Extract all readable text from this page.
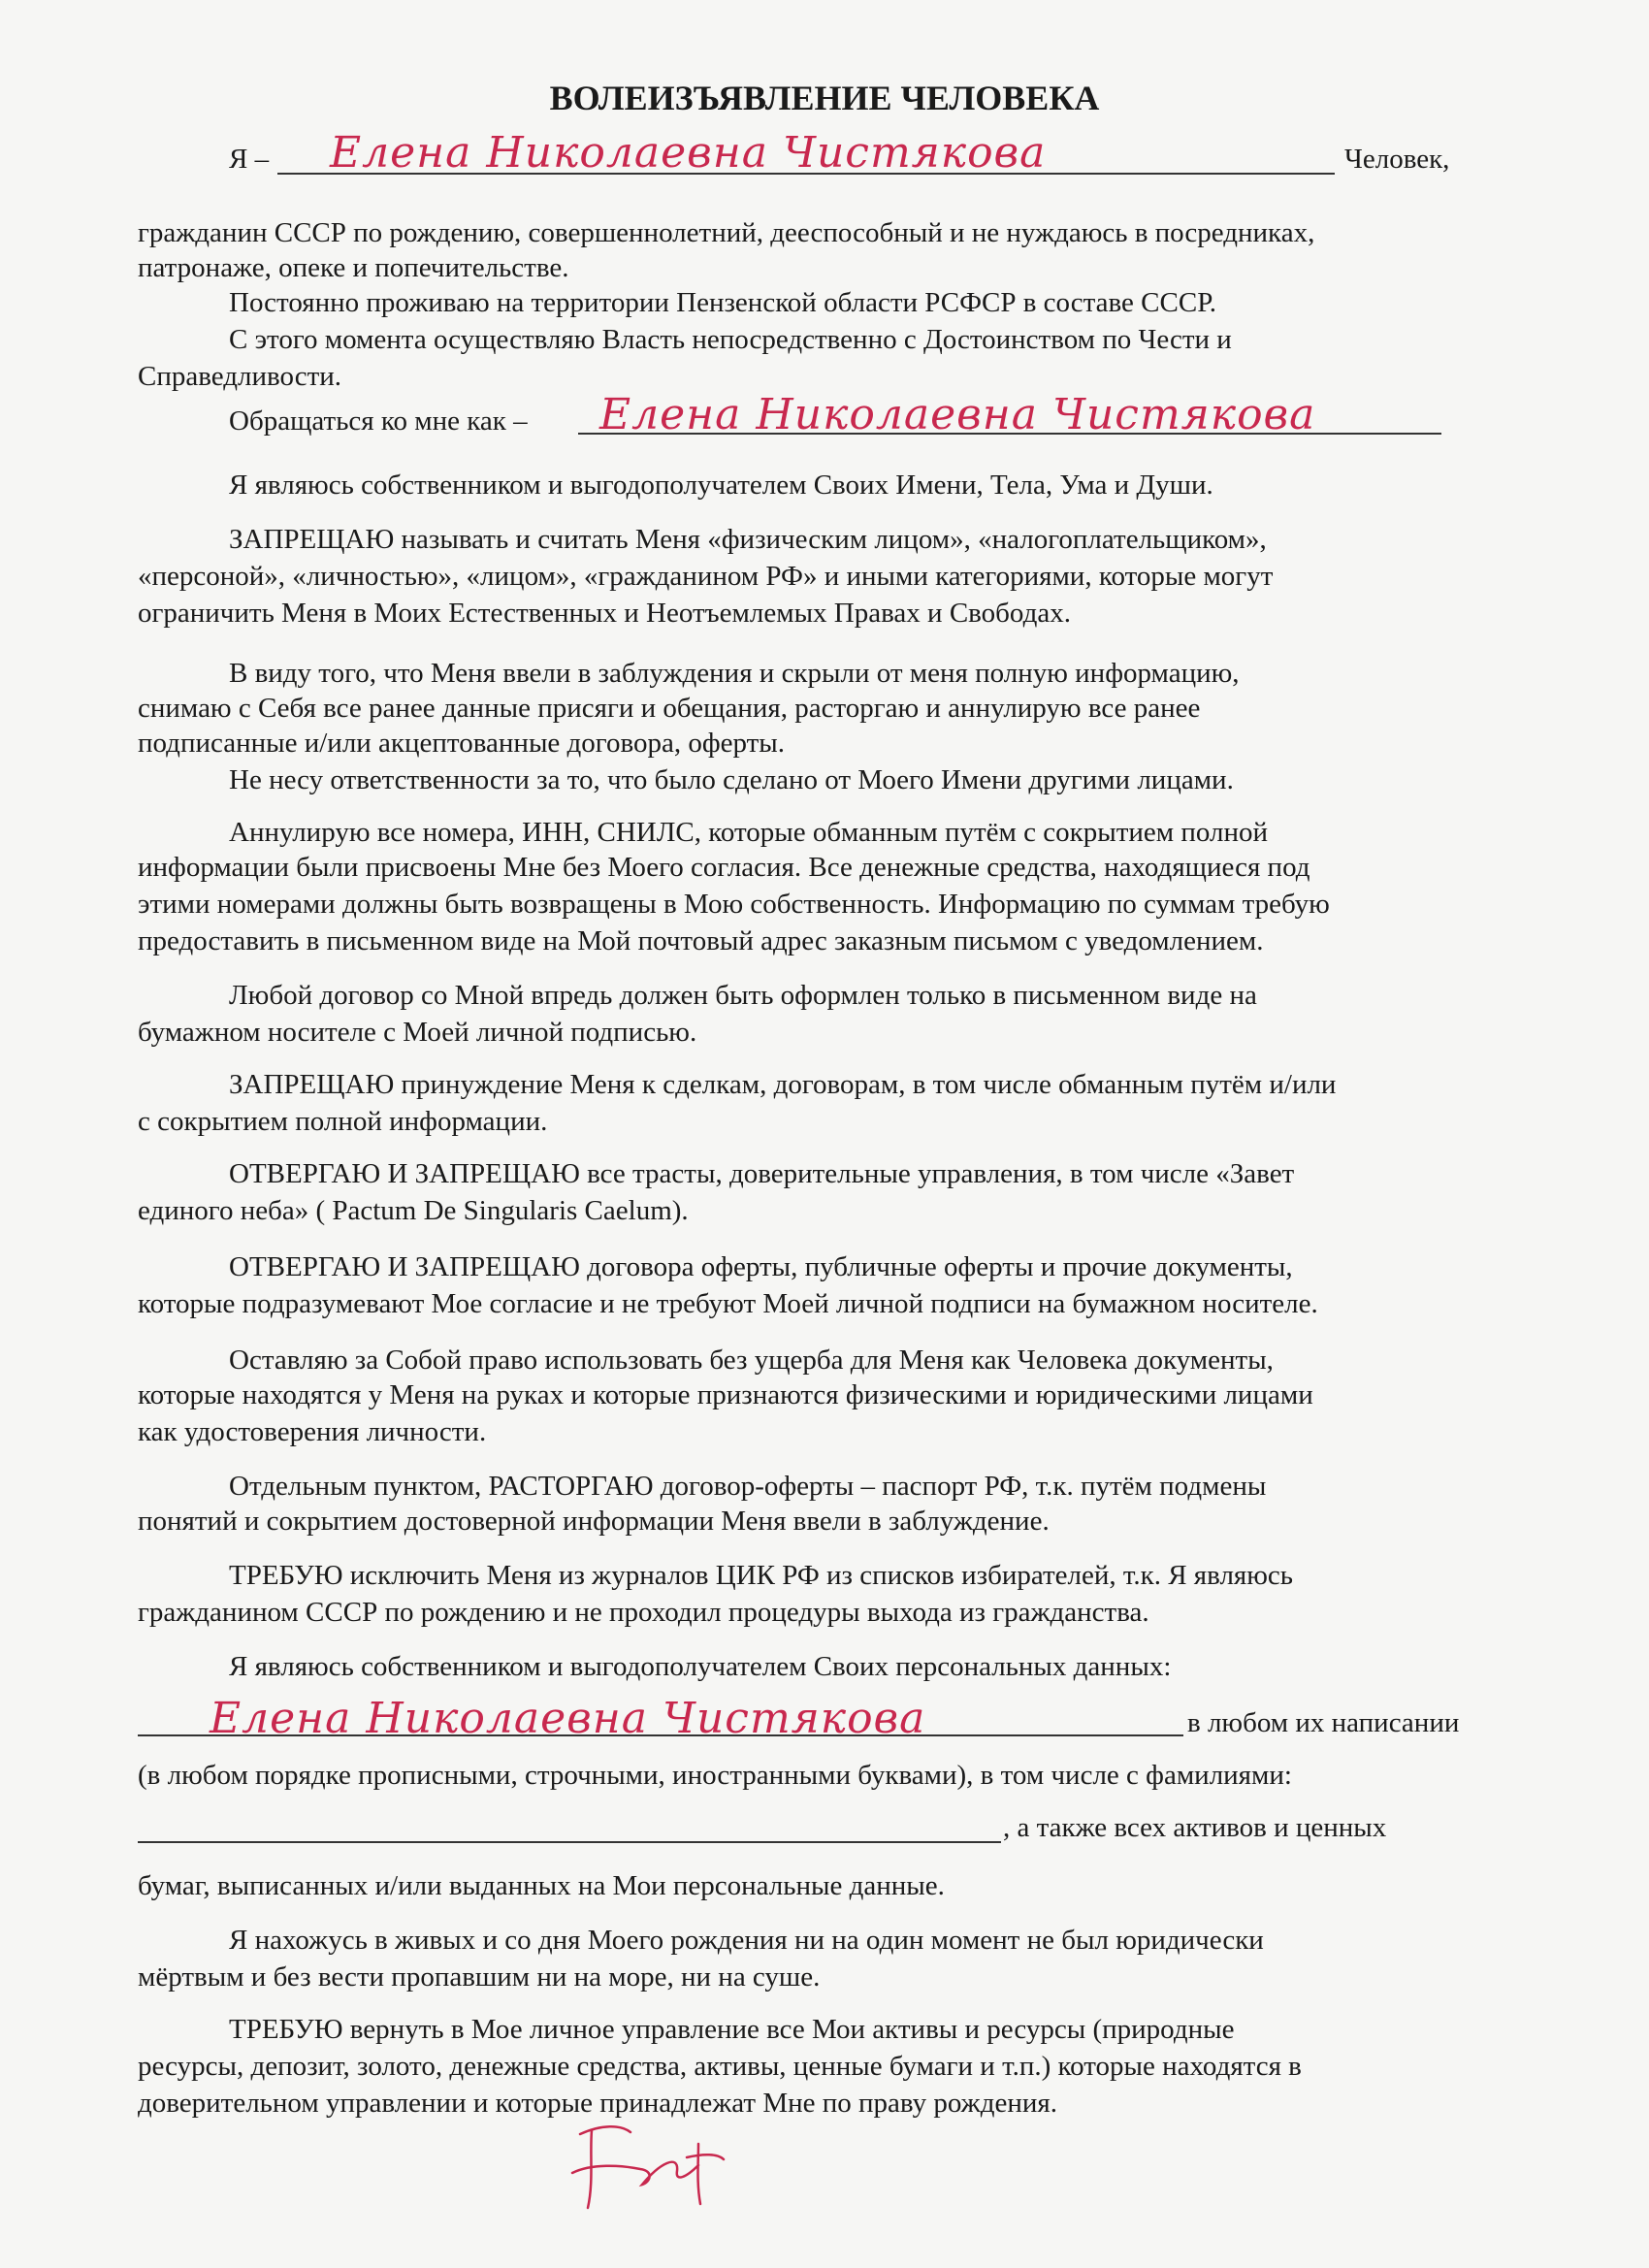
ВОЛЕИЗЪЯВЛЕНИЕ ЧЕЛОВЕКА
Я – Елена Николаевна Чистякова	Человек,
гражданин СССР по рождению, совершеннолетний, дееспособный и не нуждаюсь в посредниках,
патронаже, опеке и попечительстве.
Постоянно проживаю на территории Пензенской области РСФСР в составе СССР.
С этого момента осуществляю Власть непосредственно с Достоинством по Чести и
Справедливости.
Обращаться ко мне как – Елена Николаевна Чистякова
Я являюсь собственником и выгодополучателем Своих Имени, Тела, Ума и Души.
ЗАПРЕЩАЮ называть и считать Меня «физическим лицом», «налогоплательщиком»,
«персоной», «личностью», «лицом», «гражданином РФ» и иными категориями, которые могут
ограничить Меня в Моих Естественных и Неотъемлемых Правах и Свободах.
В виду того, что Меня ввели в заблуждения и скрыли от меня полную информацию,
снимаю с Себя все ранее данные присяги и обещания, расторгаю и аннулирую все ранее
подписанные и/или акцептованные договора, оферты.
Не несу ответственности за то, что было сделано от Моего Имени другими лицами.
Аннулирую все номера, ИНН, СНИЛС, которые обманным путём с сокрытием полной
информации были присвоены Мне без Моего согласия. Все денежные средства, находящиеся под
этими номерами должны быть возвращены в Мою собственность. Информацию по суммам требую
предоставить в письменном виде на Мой почтовый адрес заказным письмом с уведомлением.
Любой договор со Мной впредь должен быть оформлен только в письменном виде на
бумажном носителе с Моей личной подписью.
ЗАПРЕЩАЮ принуждение Меня к сделкам, договорам, в том числе обманным путём и/или
с сокрытием полной информации.
ОТВЕРГАЮ И ЗАПРЕЩАЮ все трасты, доверительные управления, в том числе «Завет
единого неба» ( Pactum De Singularis Caelum).
ОТВЕРГАЮ И ЗАПРЕЩАЮ договора оферты, публичные оферты и прочие документы,
которые подразумевают Мое согласие и не требуют Моей личной подписи на бумажном носителе.
Оставляю за Собой право использовать без ущерба для Меня как Человека документы,
которые находятся у Меня на руках и которые признаются физическими и юридическими лицами
как удостоверения личности.
Отдельным пунктом, РАСТОРГАЮ договор-оферты – паспорт РФ, т.к. путём подмены
понятий и сокрытием достоверной информации Меня ввели в заблуждение.
ТРЕБУЮ исключить Меня из журналов ЦИК РФ из списков избирателей, т.к. Я являюсь
гражданином СССР по рождению и не проходил процедуры выхода из гражданства.
Я являюсь собственником и выгодополучателем Своих персональных данных:
Елена Николаевна Чистякова	в любом их написании
(в любом порядке прописными, строчными, иностранными буквами), в том числе с фамилиями:
, а также всех активов и ценных
бумаг, выписанных и/или выданных на Мои персональные данные.
Я нахожусь в живых и со дня Моего рождения ни на один момент не был юридически
мёртвым и без вести пропавшим ни на море, ни на суше.
ТРЕБУЮ вернуть в Мое личное управление все Мои активы и ресурсы (природные
ресурсы, депозит, золото, денежные средства, активы, ценные бумаги и т.п.) которые находятся в
доверительном управлении и которые принадлежат Мне по праву рождения.
